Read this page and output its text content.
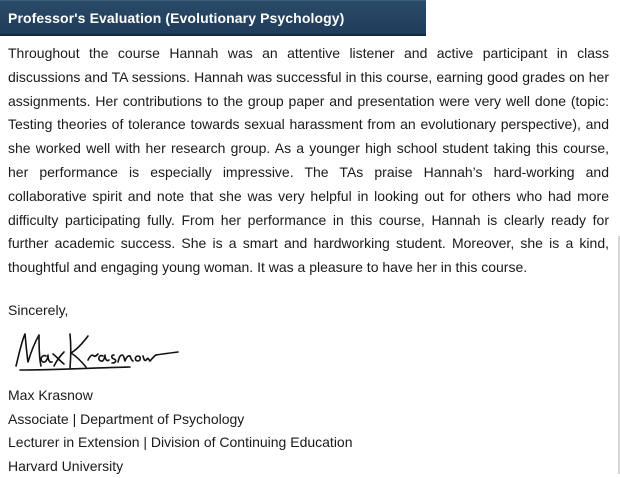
Professor's Evaluation (Evolutionary Psychology)

Throughout the course Hannah was an attentive listener and active participant in class discussions and TA sessions. Hannah was successful in this course, earning good grades on her assignments. Her contributions to the group paper and presentation were very well done (topic: Testing theories of tolerance towards sexual harassment from an evolutionary perspective), and she worked well with her research group. As a younger high school student taking this course, her performance is especially impressive. The TAs praise Hannah’s hard-working and collaborative spirit and note that she was very helpful in looking out for others who had more difficulty participating fully. From her performance in this course, Hannah is clearly ready for further academic success. She is a smart and hardworking student. Moreover, she is a kind, thoughtful and engaging young woman. It was a pleasure to have her in this course.

Sincerely,

Max Krasnow
Associate | Department of Psychology
Lecturer in Extension | Division of Continuing Education
Harvard University
